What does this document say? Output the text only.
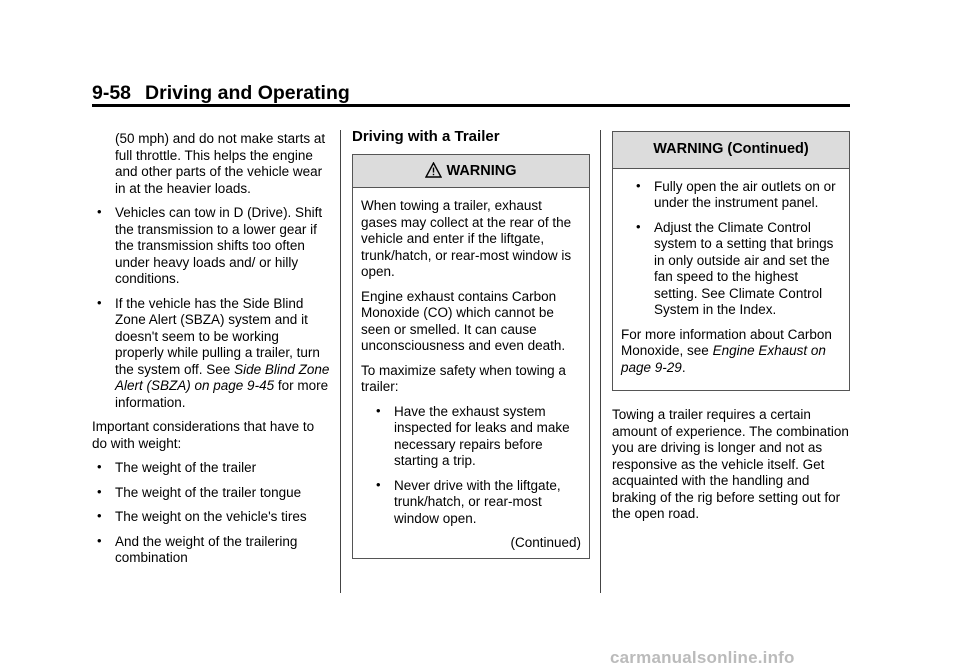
9-58 Driving and Operating

(50 mph) and do not make starts at full throttle. This helps the engine and other parts of the vehicle wear in at the heavier loads.

• Vehicles can tow in D (Drive). Shift the transmission to a lower gear if the transmission shifts too often under heavy loads and/ or hilly conditions.
• If the vehicle has the Side Blind Zone Alert (SBZA) system and it doesn't seem to be working properly while pulling a trailer, turn the system off. See Side Blind Zone Alert (SBZA) on page 9-45 for more information.

Important considerations that have to do with weight:

• The weight of the trailer
• The weight of the trailer tongue
• The weight on the vehicle's tires
• And the weight of the trailering combination
Driving with a Trailer
WARNING

When towing a trailer, exhaust gases may collect at the rear of the vehicle and enter if the liftgate, trunk/hatch, or rear-most window is open.

Engine exhaust contains Carbon Monoxide (CO) which cannot be seen or smelled. It can cause unconsciousness and even death.

To maximize safety when towing a trailer:

• Have the exhaust system inspected for leaks and make necessary repairs before starting a trip.
• Never drive with the liftgate, trunk/hatch, or rear-most window open.
(Continued)
WARNING (Continued)
• Fully open the air outlets on or under the instrument panel.
• Adjust the Climate Control system to a setting that brings in only outside air and set the fan speed to the highest setting. See Climate Control System in the Index.

For more information about Carbon Monoxide, see Engine Exhaust on page 9-29.

Towing a trailer requires a certain amount of experience. The combination you are driving is longer and not as responsive as the vehicle itself. Get acquainted with the handling and braking of the rig before setting out for the open road.

carmanualsonline.info
